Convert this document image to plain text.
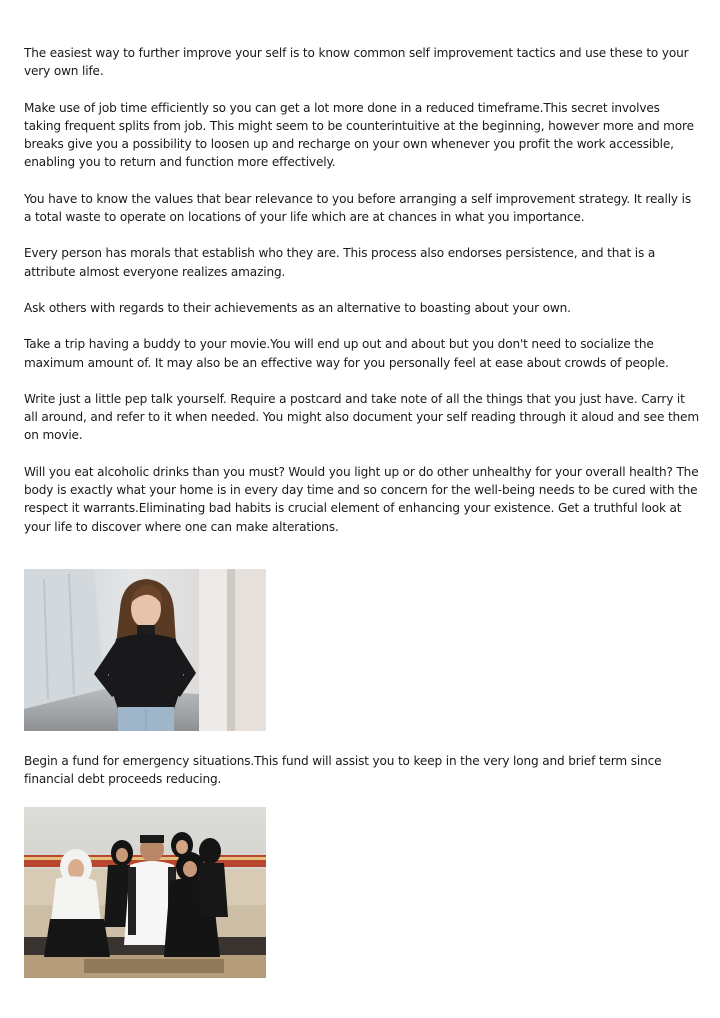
The easiest way to further improve your self is to know common self improvement tactics and use these to your very own life.

Make use of job time efficiently so you can get a lot more done in a reduced timeframe.This secret involves taking frequent splits from job. This might seem to be counterintuitive at the beginning, however more and more breaks give you a possibility to loosen up and recharge on your own whenever you profit the work accessible, enabling you to return and function more effectively.

You have to know the values that bear relevance to you before arranging a self improvement strategy. It really is a total waste to operate on locations of your life which are at chances in what you importance.

Every person has morals that establish who they are. This process also endorses persistence, and that is a attribute almost everyone realizes amazing.

Ask others with regards to their achievements as an alternative to boasting about your own.

Take a trip having a buddy to your movie.You will end up out and about but you don't need to socialize the maximum amount of. It may also be an effective way for you personally feel at ease about crowds of people.

Write just a little pep talk yourself. Require a postcard and take note of all the things that you just have. Carry it all around, and refer to it when needed. You might also document your self reading through it aloud and see them on movie.

Will you eat alcoholic drinks than you must? Would you light up or do other unhealthy for your overall health? The body is exactly what your home is in every day time and so concern for the well-being needs to be cured with the respect it warrants.Eliminating bad habits is crucial element of enhancing your existence. Get a truthful look at your life to discover where one can make alterations.

Begin a fund for emergency situations.This fund will assist you to keep in the very long and brief term since financial debt proceeds reducing.
